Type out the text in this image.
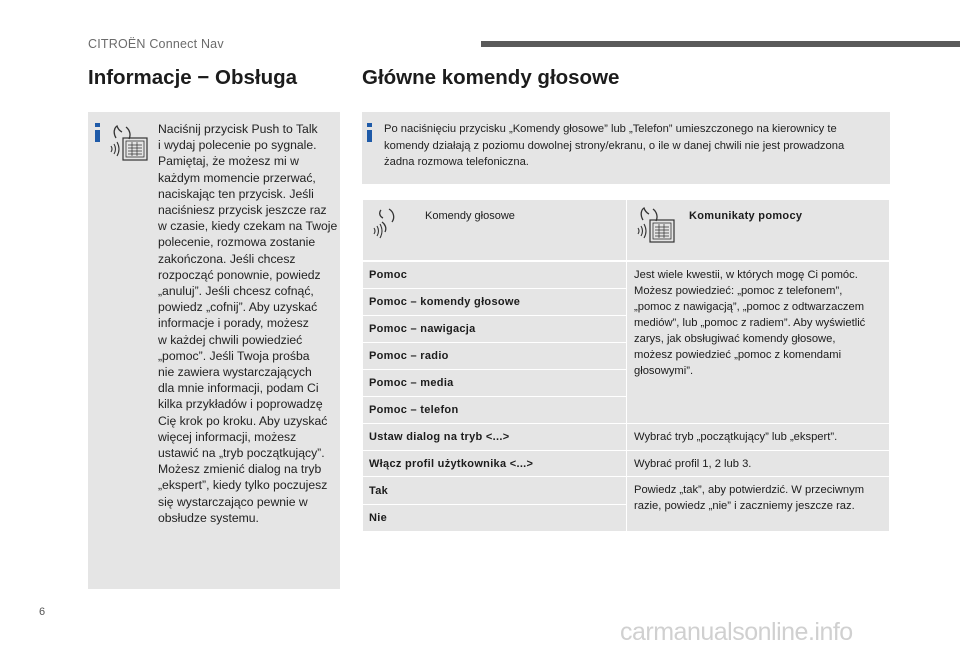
CITROËN Connect Nav
Informacje − Obsługa
Naciśnij przycisk Push to Talk
i wydaj polecenie po sygnale.
Pamiętaj, że możesz mi w
każdym momencie przerwać,
naciskając ten przycisk. Jeśli
naciśniesz przycisk jeszcze raz
w czasie, kiedy czekam na Twoje
polecenie, rozmowa zostanie
zakończona. Jeśli chcesz
rozpocząć ponownie, powiedz
„anuluj”. Jeśli chcesz cofnąć,
powiedz „cofnij”. Aby uzyskać
informacje i porady, możesz
w każdej chwili powiedzieć
„pomoc”. Jeśli Twoja prośba
nie zawiera wystarczających
dla mnie informacji, podam Ci
kilka przykładów i poprowadzę
Cię krok po kroku. Aby uzyskać
więcej informacji, możesz
ustawić na „tryb początkujący”.
Możesz zmienić dialog na tryb
„ekspert”, kiedy tylko poczujesz
się wystarczająco pewnie w
obsłudze systemu.
Główne komendy głosowe
Po naciśnięciu przycisku „Komendy głosowe” lub „Telefon” umieszczonego na kierownicy te
komendy działają z poziomu dowolnej strony/ekranu, o ile w danej chwili nie jest prowadzona
żadna rozmowa telefoniczna.
Komendy głosowe	Komunikaty pomocy
Pomoc
Pomoc – komendy głosowe
Pomoc – nawigacja
Pomoc – radio
Pomoc – media
Pomoc – telefon
Jest wiele kwestii, w których mogę Ci pomóc.
Możesz powiedzieć: „pomoc z telefonem”,
„pomoc z nawigacją”, „pomoc z odtwarzaczem
mediów”, lub „pomoc z radiem”. Aby wyświetlić
zarys, jak obsługiwać komendy głosowe,
możesz powiedzieć „pomoc z komendami
głosowymi”.
Ustaw dialog na tryb <...>	Wybrać tryb „początkujący” lub „ekspert”.
Włącz profil użytkownika <...>	Wybrać profil 1, 2 lub 3.
Tak
Nie
Powiedz „tak”, aby potwierdzić. W przeciwnym
razie, powiedz „nie” i zaczniemy jeszcze raz.
6
carmanualsonline.info
